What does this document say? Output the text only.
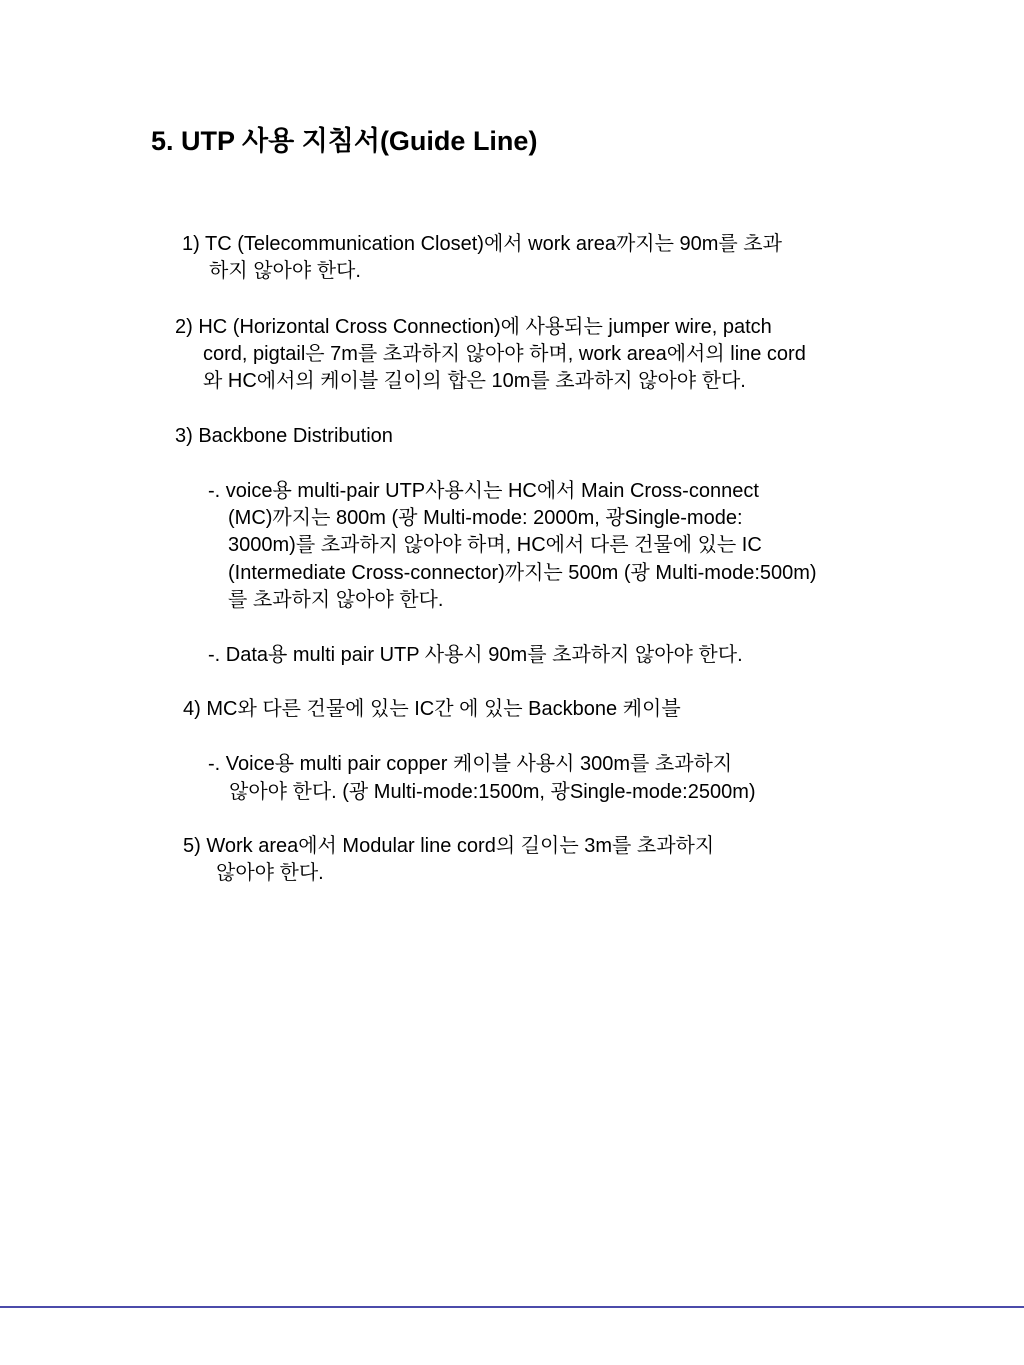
5. UTP 사용 지침서(Guide Line)
1) TC (Telecommunication Closet)에서 work area까지는 90m를 초과
하지 않아야 한다.
2) HC (Horizontal Cross Connection)에 사용되는 jumper wire, patch
cord, pigtail은 7m를 초과하지 않아야 하며, work area에서의 line cord
와 HC에서의 케이블 길이의 합은 10m를 초과하지 않아야 한다.
3) Backbone Distribution
-. voice용 multi-pair UTP사용시는 HC에서 Main Cross-connect
(MC)까지는 800m (광 Multi-mode: 2000m, 광Single-mode:
3000m)를 초과하지 않아야 하며, HC에서 다른 건물에 있는 IC
(Intermediate Cross-connector)까지는 500m (광 Multi-mode:500m)
를 초과하지 않아야 한다.
-. Data용 multi pair UTP 사용시 90m를 초과하지 않아야 한다.
4) MC와 다른 건물에 있는 IC간 에 있는 Backbone 케이블
-. Voice용 multi pair copper 케이블 사용시 300m를 초과하지
않아야 한다. (광 Multi-mode:1500m, 광Single-mode:2500m)
5) Work area에서 Modular line cord의 길이는 3m를 초과하지
않아야 한다.
